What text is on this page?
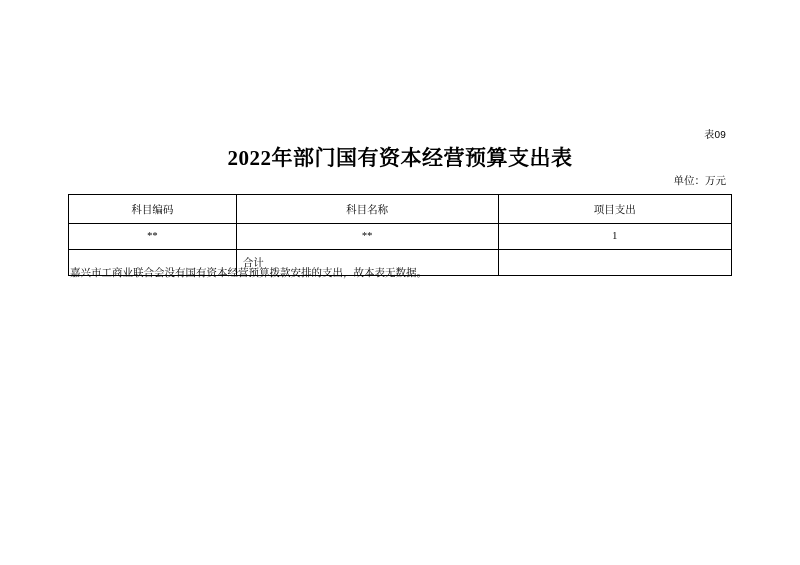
表09
2022年部门国有资本经营预算支出表
单位：万元
科目编码	科目名称	项目支出
**	**	1
	合计	
嘉兴市工商业联合会没有国有资本经营预算拨款安排的支出，故本表无数据。
